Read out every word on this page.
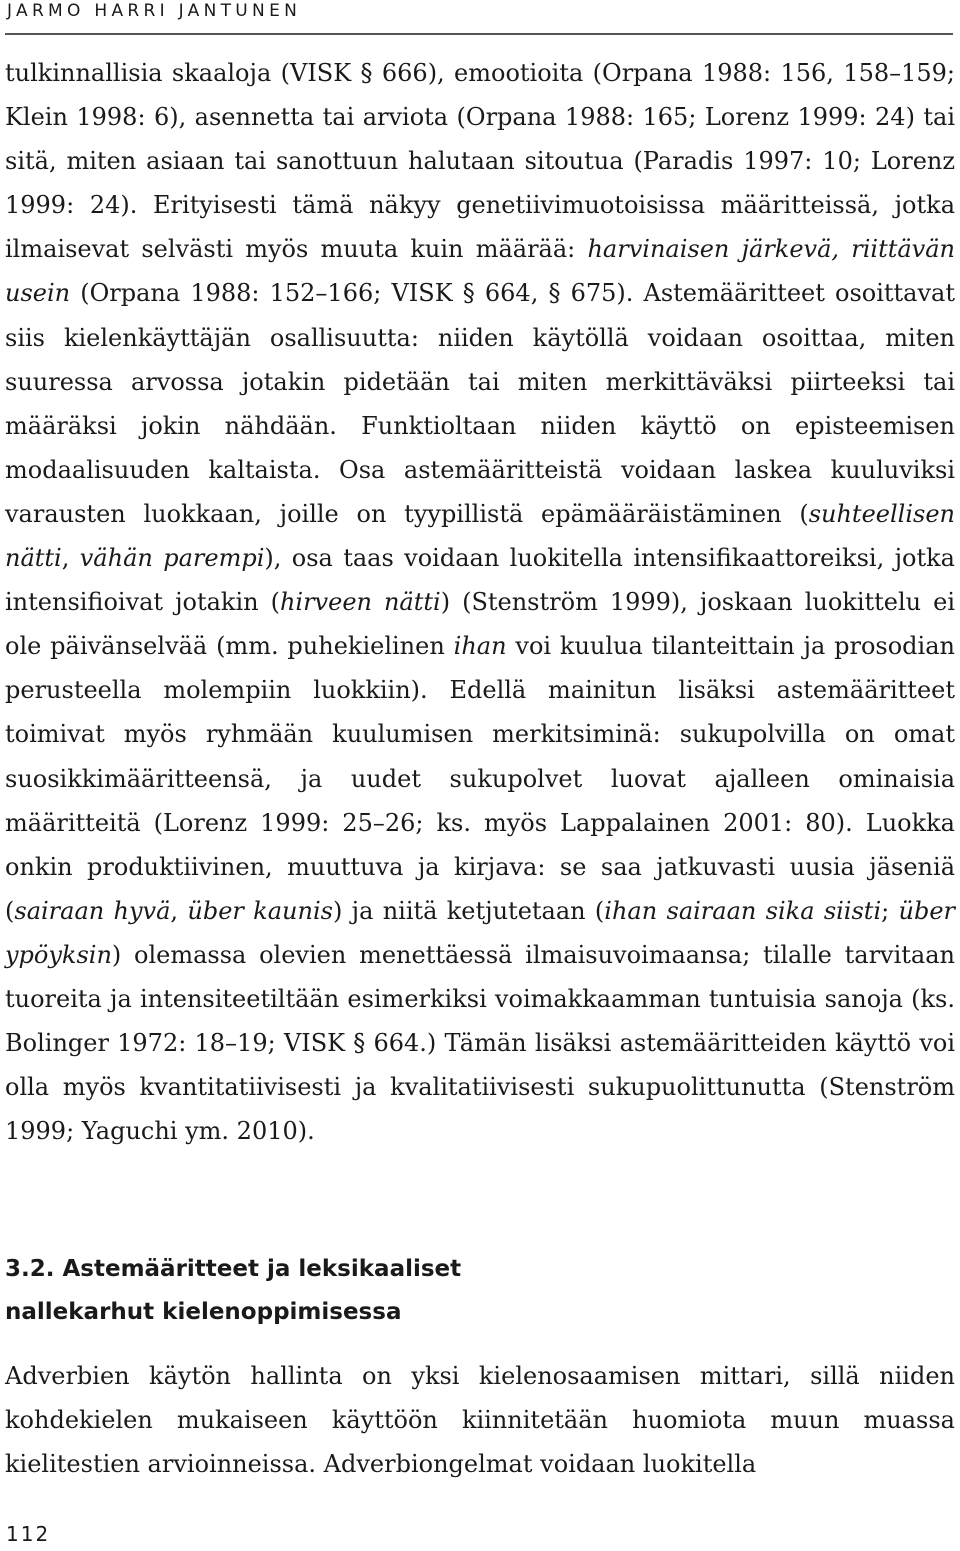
JARMO HARRI JANTUNEN
tulkinnallisia skaaloja (VISK § 666), emootioita (Orpana 1988: 156, 158–159; Klein 1998: 6), asennetta tai arviota (Orpana 1988: 165; Lorenz 1999: 24) tai sitä, miten asiaan tai sanottuun halutaan sitoutua (Paradis 1997: 10; Lorenz 1999: 24). Erityisesti tämä näkyy genetiivimuotoisissa määritteissä, jotka ilmaisevat selvästi myös muuta kuin määrää: harvinaisen järkevä, riittävän usein (Orpana 1988: 152–166; VISK § 664, § 675). Astemääritteet osoittavat siis kielenkäyttäjän osallisuutta: niiden käytöllä voidaan osoittaa, miten suuressa arvossa jotakin pidetään tai miten merkittäväksi piirteeksi tai määräksi jokin nähdään. Funktioltaan niiden käyttö on episteemisen modaalisuuden kaltaista. Osa astemääritteistä voidaan laskea kuuluviksi varausten luokkaan, joille on tyypillistä epämääräistäminen (suhteellisen nätti, vähän parempi), osa taas voidaan luokitella intensifikaattoreiksi, jotka intensifioivat jotakin (hirveen nätti) (Stenström 1999), joskaan luokittelu ei ole päivänselvää (mm. puhekielinen ihan voi kuulua tilanteittain ja prosodian perusteella molempiin luokkiin). Edellä mainitun lisäksi astemääritteet toimivat myös ryhmään kuulumisen merkitsiminä: sukupolvilla on omat suosikkimääritteensä, ja uudet sukupolvet luovat ajalleen ominaisia määritteitä (Lorenz 1999: 25–26; ks. myös Lappalainen 2001: 80). Luokka onkin produktiivinen, muuttuva ja kirjava: se saa jatkuvasti uusia jäseniä (sairaan hyvä, über kaunis) ja niitä ketjutetaan (ihan sairaan sika siisti; über ypöyksin) olemassa olevien menettäessä ilmaisuvoimaansa; tilalle tarvitaan tuoreita ja intensiteetiltään esimerkiksi voimakkaamman tuntuisia sanoja (ks. Bolinger 1972: 18–19; VISK § 664.) Tämän lisäksi astemääritteiden käyttö voi olla myös kvantitatiivisesti ja kvalitatiivisesti sukupuolittunutta (Stenström 1999; Yaguchi ym. 2010).
3.2. Astemääritteet ja leksikaaliset
nallekarhut kielenoppimisessa
Adverbien käytön hallinta on yksi kielenosaamisen mittari, sillä niiden kohdekielen mukaiseen käyttöön kiinnitetään huomiota muun muassa kielitestien arvioinneissa. Adverbiongelmat voidaan luokitella
112
